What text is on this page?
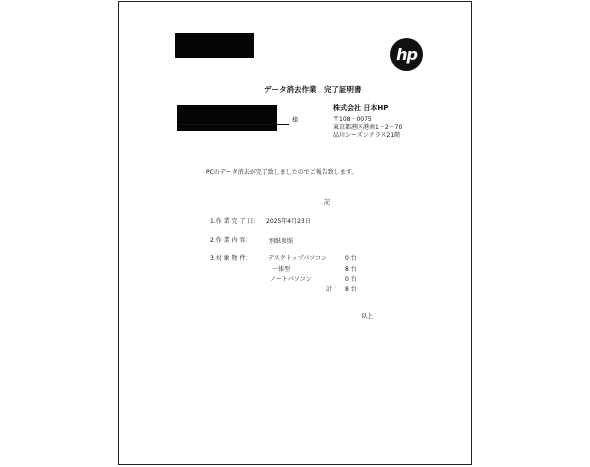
hp
データ消去作業　完了証明書
様
株式会社 日本HP
〒108－0075
東京都港区港南1－2－70
品川シーズンテラス21階
PCのデータ消去が完了致しましたのでご報告致します。
記
1.作 業 完 了 日： 2025年4月23日
2.作 業 内 容：	別紙参照
3.対 象 物 件：	デスクトップパソコン	0 台
一体型	8 台
ノートパソコン	0 台
計 8 台
以上
